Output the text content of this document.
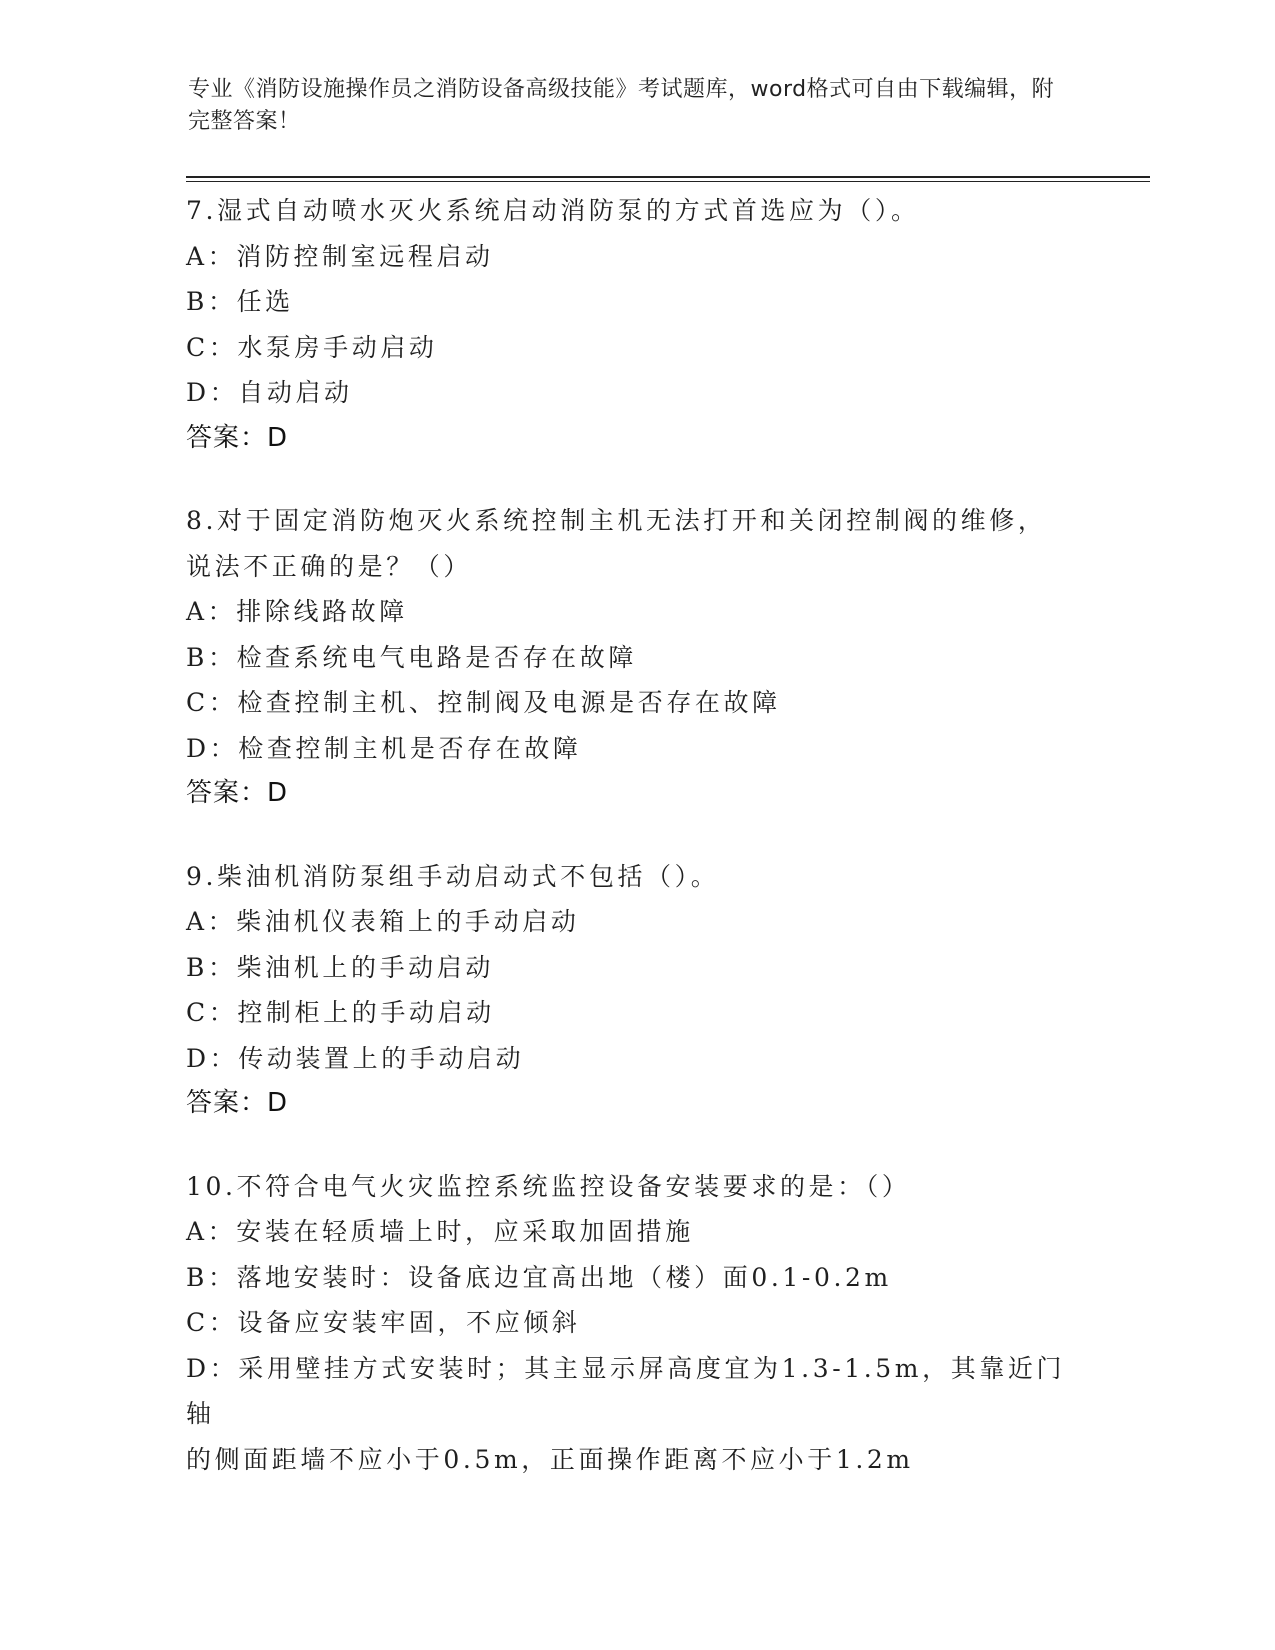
专业《消防设施操作员之消防设备高级技能》考试题库，word格式可自由下载编辑，附完整答案！
7.湿式自动喷水灭火系统启动消防泵的方式首选应为（）。
A：消防控制室远程启动
B：任选
C：水泵房手动启动
D：自动启动
答案：D
8.对于固定消防炮灭火系统控制主机无法打开和关闭控制阀的维修，
说法不正确的是？（）
A：排除线路故障
B：检查系统电气电路是否存在故障
C：检查控制主机、控制阀及电源是否存在故障
D：检查控制主机是否存在故障
答案：D
9.柴油机消防泵组手动启动式不包括（）。
A：柴油机仪表箱上的手动启动
B：柴油机上的手动启动
C：控制柜上的手动启动
D：传动装置上的手动启动
答案：D
10.不符合电气火灾监控系统监控设备安装要求的是：（）
A：安装在轻质墙上时，应采取加固措施
B：落地安装时：设备底边宜高出地（楼）面0.1-0.2m
C：设备应安装牢固，不应倾斜
D：采用壁挂方式安装时；其主显示屏高度宜为1.3-1.5m，其靠近门轴
的侧面距墙不应小于0.5m，正面操作距离不应小于1.2m
